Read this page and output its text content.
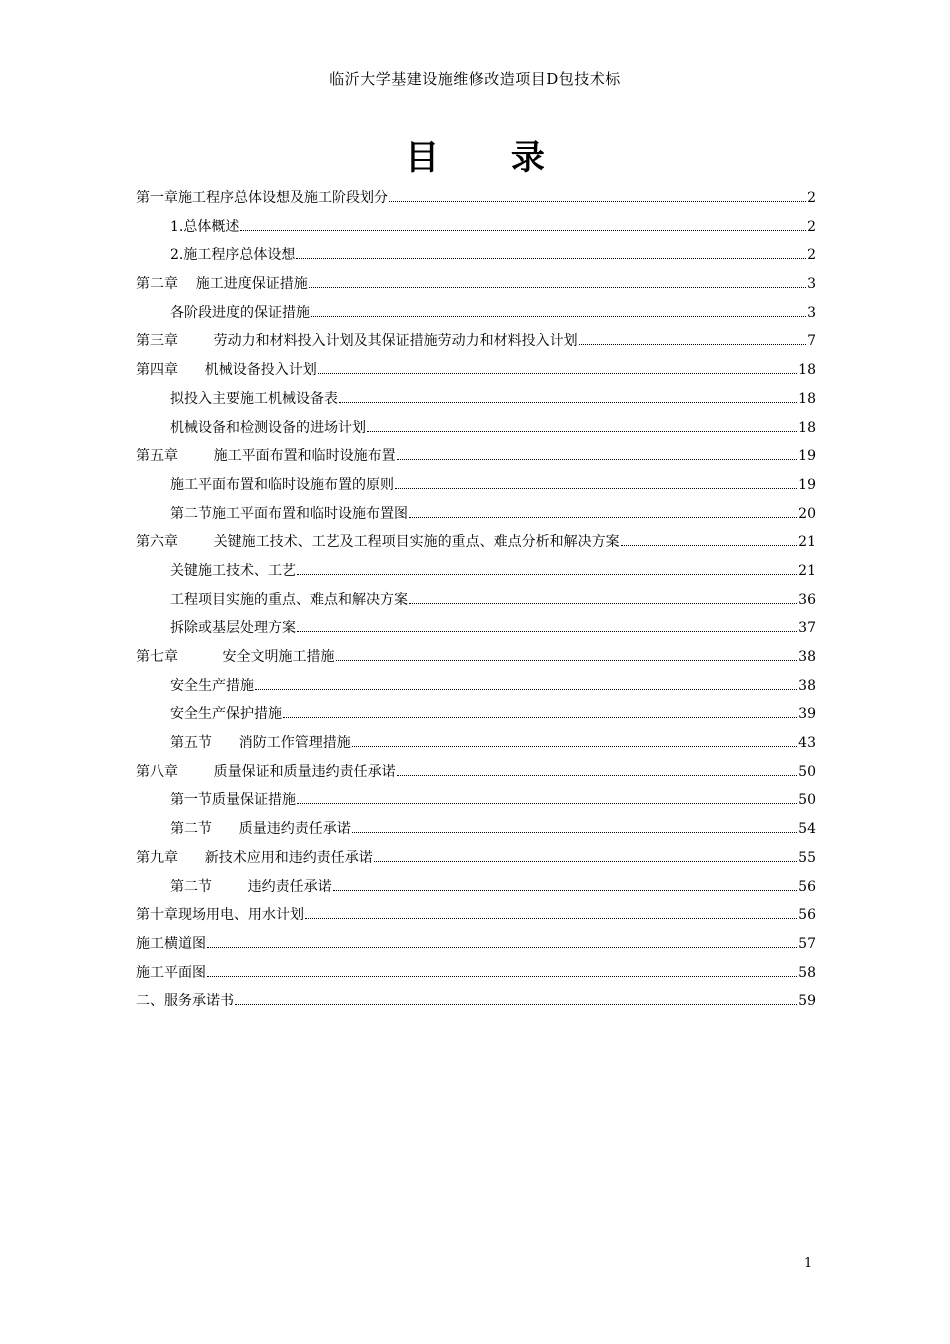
临沂大学基建设施维修改造项目D包技术标
目 录
第一章施工程序总体设想及施工阶段划分	2
1.总体概述	2
2.施工程序总体设想	2
第二章    施工进度保证措施	3
各阶段进度的保证措施	3
第三章        劳动力和材料投入计划及其保证措施劳动力和材料投入计划	7
第四章      机械设备投入计划	18
拟投入主要施工机械设备表	18
机械设备和检测设备的进场计划	18
第五章        施工平面布置和临时设施布置	19
施工平面布置和临时设施布置的原则	19
第二节施工平面布置和临时设施布置图	20
第六章        关键施工技术、工艺及工程项目实施的重点、难点分析和解决方案	21
关键施工技术、工艺	21
工程项目实施的重点、难点和解决方案	36
拆除或基层处理方案	37
第七章          安全文明施工措施	38
安全生产措施	38
安全生产保护措施	39
第五节      消防工作管理措施	43
第八章        质量保证和质量违约责任承诺	50
第一节质量保证措施	50
第二节      质量违约责任承诺	54
第九章      新技术应用和违约责任承诺	55
第二节        违约责任承诺	56
第十章现场用电、用水计划	56
施工横道图	57
施工平面图	58
二、服务承诺书	59
1
